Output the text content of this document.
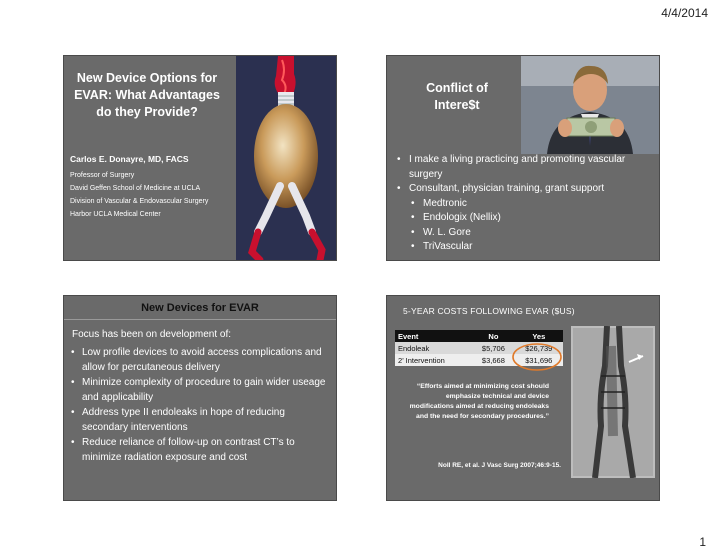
4/4/2014
New Device Options for EVAR: What Advantages do they Provide?
Carlos E. Donayre, MD, FACS
Professor of Surgery
David Geffen School of Medicine at UCLA
Division of Vascular & Endovascular Surgery
Harbor UCLA Medical Center
Conflict of Intere$t
• I make a living practicing and promoting vascular surgery
• Consultant, physician training, grant support
• Medtronic
• Endologix (Nellix)
• W. L. Gore
• TriVascular
New Devices for EVAR
Focus has been on development of:
• Low profile devices to avoid access complications and allow for percutaneous delivery
• Minimize complexity of procedure to gain wider useage and applicability
• Address type II endoleaks in hope of reducing secondary interventions
• Reduce reliance of follow-up on contrast CT’s to minimize radiation exposure and cost
5-YEAR COSTS FOLLOWING EVAR ($US)
Event	No	Yes
Endoleak	$5,706	$26,739
2’ Intervention	$3,668	$31,696
“Efforts aimed at minimizing cost should emphasize technical and device modifications aimed at reducing endoleaks and the need for secondary procedures.”
Noll RE, et al. J Vasc Surg 2007;46:9-15.
1
